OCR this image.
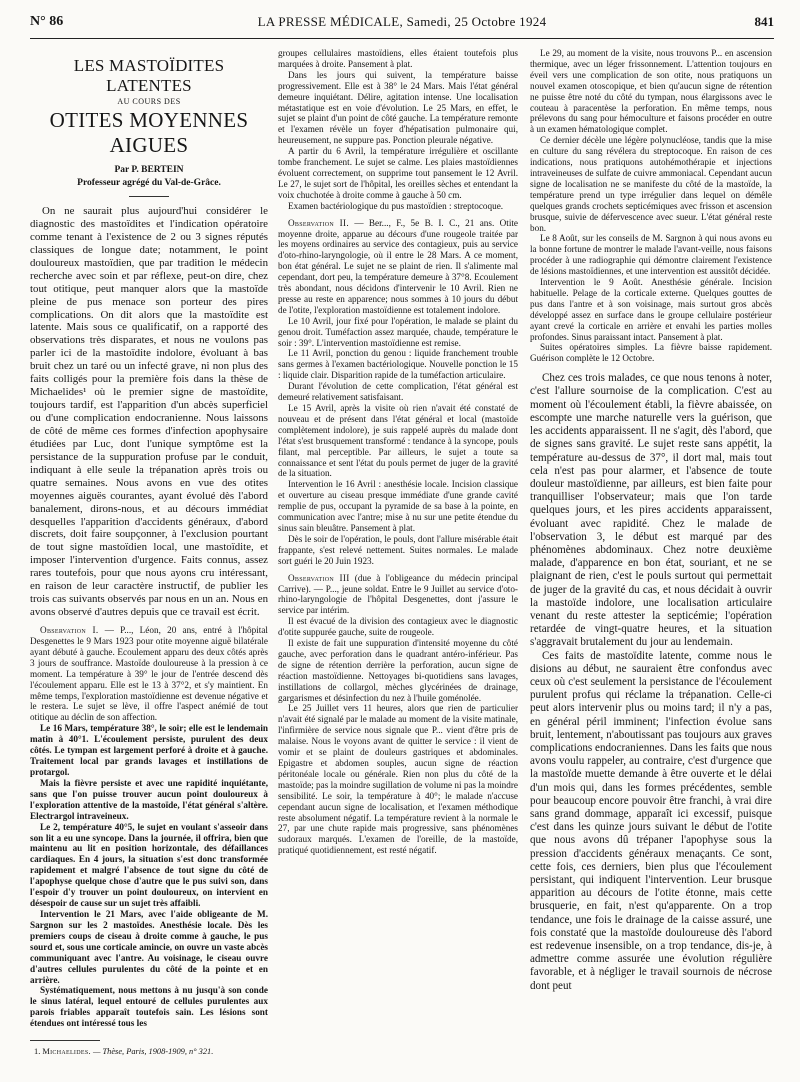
N° 86	LA PRESSE MÉDICALE, Samedi, 25 Octobre 1924	841
LES MASTOÏDITES LATENTES
AU COURS DES
OTITES MOYENNES AIGUES
Par P. BERTEIN
Professeur agrégé du Val-de-Grâce.

On ne saurait plus aujourd'hui considérer le diagnostic des mastoïdites et l'indication opératoire comme tenant à l'existence de 2 ou 3 signes réputés classiques de longue date; notamment, le point douloureux mastoïdien, que par tradition le médecin recherche avec soin et par réflexe, peut-on dire, chez tout otitique, peut manquer alors que la mastoïde pleine de pus menace son porteur des pires complications. On dit alors que la mastoïdite est latente. Mais sous ce qualificatif, on a rapporté des observations très disparates, et nous ne voulons pas parler ici de la mastoïdite indolore, évoluant à bas bruit chez un taré ou un infecté grave, ni non plus des faits colligés pour la première fois dans la thèse de Michaelides¹ où le premier signe de mastoïdite, toujours tardif, est l'apparition d'un abcès superficiel ou d'une complication endocranienne. Nous laissons de côté de même ces formes d'infection apophysaire étudiées par Luc, dont l'unique symptôme est la persistance de la suppuration profuse par le conduit, indiquant à elle seule la trépanation après trois ou quatre semaines. Nous avons en vue des otites moyennes aiguës courantes, ayant évolué dès l'abord banalement, dirons-nous, et au décours immédiat desquelles l'apparition d'accidents généraux, d'abord discrets, doit faire soupçonner, à l'exclusion pourtant de tout signe mastoïdien local, une mastoïdite, et imposer l'intervention d'urgence. Faits connus, assez rares toutefois, pour que nous ayons cru intéressant, en raison de leur caractère instructif, de publier les trois cas suivants observés par nous en un an. Nous en avons observé d'autres depuis que ce travail est écrit.

Observation I. — P..., Léon, 20 ans, entré à l'hôpital Desgenettes le 9 Mars 1923 pour otite moyenne aiguë bilatérale ayant débuté à gauche. Ecoulement apparu des deux côtés après 3 jours de souffrance. Mastoïde douloureuse à la pression à ce moment. La température à 39° le jour de l'entrée descend dès l'écoulement apparu. Elle est le 13 à 37°2, et s'y maintient. En même temps, l'exploration mastoïdienne est devenue négative et le restera. Le sujet se lève, il offre l'aspect anémié de tout otitique au déclin de son affection.

Le 16 Mars, température 38°, le soir; elle est le lendemain matin à 40°1. L'écoulement persiste, purulent des deux côtés. Le tympan est largement perforé à droite et à gauche. Traitement local par grands lavages et instillations de protargol.

Mais la fièvre persiste et avec une rapidité inquiétante, sans que l'on puisse trouver aucun point douloureux à l'exploration attentive de la mastoïde, l'état général s'altère. Electrargol intraveineux.

Le 2, température 40°5, le sujet en voulant s'asseoir dans son lit a eu une syncope. Dans la journée, il offrira, bien que maintenu au lit en position horizontale, des défaillances cardiaques. En 4 jours, la situation s'est donc transformée rapidement et malgré l'absence de tout signe du côté de l'apophyse quelque chose d'autre que le pus suivi son, dans l'espoir d'y trouver un point douloureux, on intervient en désespoir de cause sur un sujet très affaibli.

Intervention le 21 Mars, avec l'aide obligeante de M. Sargnon sur les 2 mastoïdes. Anesthésie locale. Dès les premiers coups de ciseau à droite comme à gauche, le pus sourd et, sous une corticale amincie, on ouvre un vaste abcès communiquant avec l'antre. Au voisinage, le ciseau ouvre d'autres cellules purulentes du côté de la pointe et en arrière.

Systématiquement, nous mettons à nu jusqu'à son conde le sinus latéral, lequel entouré de cellules purulentes aux parois friables apparaît toutefois sain. Les lésions sont étendues ont intéressé tous les

groupes cellulaires mastoïdiens, elles étaient toutefois plus marquées à droite. Pansement à plat.

Dans les jours qui suivent, la température baisse progressivement. Elle est à 38° le 24 Mars. Mais l'état général demeure inquiétant. Délire, agitation intense. Une localisation métastatique est en voie d'évolution. Le 25 Mars, en effet, le sujet se plaint d'un point de côté gauche. La température remonte et l'examen révèle un foyer d'hépatisation pulmonaire qui, heureusement, ne suppure pas. Ponction pleurale négative.

A partir du 6 Avril, la température irrégulière et oscillante tombe franchement. Le sujet se calme. Les plaies mastoïdiennes évoluent correctement, on supprime tout pansement le 12 Avril. Le 27, le sujet sort de l'hôpital, les oreilles sèches et entendant la voix chuchotée à droite comme à gauche à 50 cm.

Examen bactériologique du pus mastoïdien : streptocoque.

Observation II. — Ber..., F., 5e B. I. C., 21 ans. Otite moyenne droite, apparue au décours d'une rougeole traitée par les moyens ordinaires au service des contagieux, puis au service d'oto-rhino-laryngologie, où il entre le 28 Mars. A ce moment, bon état général. Le sujet ne se plaint de rien. Il s'alimente mal cependant, dort peu, la température demeure à 37°8. Ecoulement très abondant, nous décidons d'intervenir le 10 Avril. Rien ne presse au reste en apparence; nous sommes à 10 jours du début de l'otite, l'exploration mastoïdienne est totalement indolore.

Le 10 Avril, jour fixé pour l'opération, le malade se plaint du genou droit. Tuméfaction assez marquée, chaude, température le soir : 39°. L'intervention mastoïdienne est remise.

Le 11 Avril, ponction du genou : liquide franchement trouble sans germes à l'examen bactériologique. Nouvelle ponction le 15 : liquide clair. Disparition rapide de la tuméfaction articulaire.

Durant l'évolution de cette complication, l'état général est demeuré relativement satisfaisant.

Le 15 Avril, après la visite où rien n'avait été constaté de nouveau et de présent dans l'état général et local (mastoïde complètement indolore), je suis rappelé auprès du malade dont l'état s'est brusquement transformé : tendance à la syncope, pouls filant, mal perceptible. Par ailleurs, le sujet a toute sa connaissance et sent l'état du pouls permet de juger de la gravité de la situation.

Intervention le 16 Avril : anesthésie locale. Incision classique et ouverture au ciseau presque immédiate d'une grande cavité remplie de pus, occupant la pyramide de sa base à la pointe, en communication avec l'antre; mise à nu sur une petite étendue du sinus sain bleuâtre. Pansement à plat.

Dès le soir de l'opération, le pouls, dont l'allure misérable était frappante, s'est relevé nettement. Suites normales. Le malade sort guéri le 20 Juin 1923.

Observation III (due à l'obligeance du médecin principal Carrive). — P..., jeune soldat. Entre le 9 Juillet au service d'oto-rhino-laryngologie de l'hôpital Desgenettes, dont j'assure le service par intérim.

Il est évacué de la division des contagieux avec le diagnostic d'otite suppurée gauche, suite de rougeole.

Il existe de fait une suppuration d'intensité moyenne du côté gauche, avec perforation dans le quadrant antéro-inférieur. Pas de signe de rétention derrière la perforation, aucun signe de réaction mastoïdienne. Nettoyages bi-quotidiens sans lavages, instillations de collargol, mèches glycérinées de drainage, gargarismes et désinfection du nez à l'huile goménolée.

Le 25 Juillet vers 11 heures, alors que rien de particulier n'avait été signalé par le malade au moment de la visite matinale, l'infirmière de service nous signale que P... vient d'être pris de malaise. Nous le voyons avant de quitter le service : il vient de vomir et se plaint de douleurs gastriques et abdominales. Epigastre et abdomen souples, aucun signe de réaction péritonéale locale ou générale. Rien non plus du côté de la mastoïde; pas la moindre sugillation de volume ni pas la moindre sensibilité. Le soir, la température à 40°; le malade n'accuse cependant aucun signe de localisation, et l'examen méthodique reste absolument négatif. La température revient à la normale le 27, par une chute rapide mais progressive, sans phénomènes sudoraux marqués. L'examen de l'oreille, de la mastoïde, pratiqué quotidiennement, est resté négatif.

Le 29, au moment de la visite, nous trouvons P... en ascension thermique, avec un léger frissonnement. L'attention toujours en éveil vers une complication de son otite, nous pratiquons un nouvel examen otoscopique, et bien qu'aucun signe de rétention ne puisse être noté du côté du tympan, nous élargissons avec le couteau à paracentèse la perforation. En même temps, nous prélevons du sang pour hémoculture et faisons procéder en outre à un examen hématologique complet.

Ce dernier décèle une légère polynucléose, tandis que la mise en culture du sang révélera du streptocoque. En raison de ces indications, nous pratiquons autohémothérapie et injections intraveineuses de sulfate de cuivre ammoniacal. Cependant aucun signe de localisation ne se manifeste du côté de la mastoïde, la température prend un type irrégulier dans lequel on démêle quelques grands crochets septicémiques avec frisson et ascension brusque, suivie de défervescence avec sueur. L'état général reste bon.

Le 8 Août, sur les conseils de M. Sargnon à qui nous avons eu la bonne fortune de montrer le malade l'avant-veille, nous faisons procéder à une radiographie qui démontre clairement l'existence de lésions mastoïdiennes, et une intervention est aussitôt décidée.

Intervention le 9 Août. Anesthésie générale. Incision habituelle. Pelage de la corticale externe. Quelques gouttes de pus dans l'antre et à son voisinage, mais surtout gros abcès développé assez en surface dans le groupe cellulaire postérieur ayant crevé la corticale en arrière et envahi les parties molles profondes. Sinus paraissant intact. Pansement à plat.

Suites opératoires simples. La fièvre baisse rapidement. Guérison complète le 12 Octobre.

Chez ces trois malades, ce que nous tenons à noter, c'est l'allure sournoise de la complication. C'est au moment où l'écoulement établi, la fièvre abaissée, on escompte une marche naturelle vers la guérison, que les accidents apparaissent. Il ne s'agit, dès l'abord, que de signes sans gravité. Le sujet reste sans appétit, la température au-dessus de 37°, il dort mal, mais tout cela n'est pas pour alarmer, et l'absence de toute douleur mastoïdienne, par ailleurs, est bien faite pour tranquilliser l'observateur; mais que l'on tarde quelques jours, et les pires accidents apparaissent, évoluant avec rapidité. Chez le malade de l'observation 3, le début est marqué par des phénomènes abdominaux. Chez notre deuxième malade, d'apparence en bon état, souriant, et ne se plaignant de rien, c'est le pouls surtout qui permettait de juger de la gravité du cas, et nous décidait à ouvrir la mastoïde indolore, une localisation articulaire venant du reste attester la septicémie; l'opération retardée de vingt-quatre heures, et la situation s'aggravait brutalement du jour au lendemain.

Ces faits de mastoïdite latente, comme nous le disions au début, ne sauraient être confondus avec ceux où c'est seulement la persistance de l'écoulement purulent profus qui réclame la trépanation. Celle-ci peut alors intervenir plus ou moins tard; il n'y a pas, en général péril imminent; l'infection évolue sans bruit, lentement, n'aboutissant pas toujours aux graves complications endocraniennes. Dans les faits que nous avons voulu rappeler, au contraire, c'est d'urgence que la mastoïde muette demande à être ouverte et le délai d'un mois qui, dans les formes précédentes, semble pour beaucoup encore pouvoir être franchi, à vrai dire sans grand dommage, apparaît ici excessif, puisque c'est dans les quinze jours suivant le début de l'otite que nous avons dû trépaner l'apophyse sous la pression d'accidents généraux menaçants. Ce sont, cette fois, ces derniers, bien plus que l'écoulement persistant, qui indiquent l'intervention. Leur brusque apparition au décours de l'otite étonne, mais cette brusquerie, en fait, n'est qu'apparente. On a trop tendance, une fois le drainage de la caisse assuré, une fois constaté que la mastoïde douloureuse dès l'abord est redevenue insensible, on a trop tendance, dis-je, à admettre comme assurée une évolution régulière favorable, et à négliger le travail sournois de nécrose dont peut

1. Michaelides. — Thèse, Paris, 1908-1909, n° 321.
